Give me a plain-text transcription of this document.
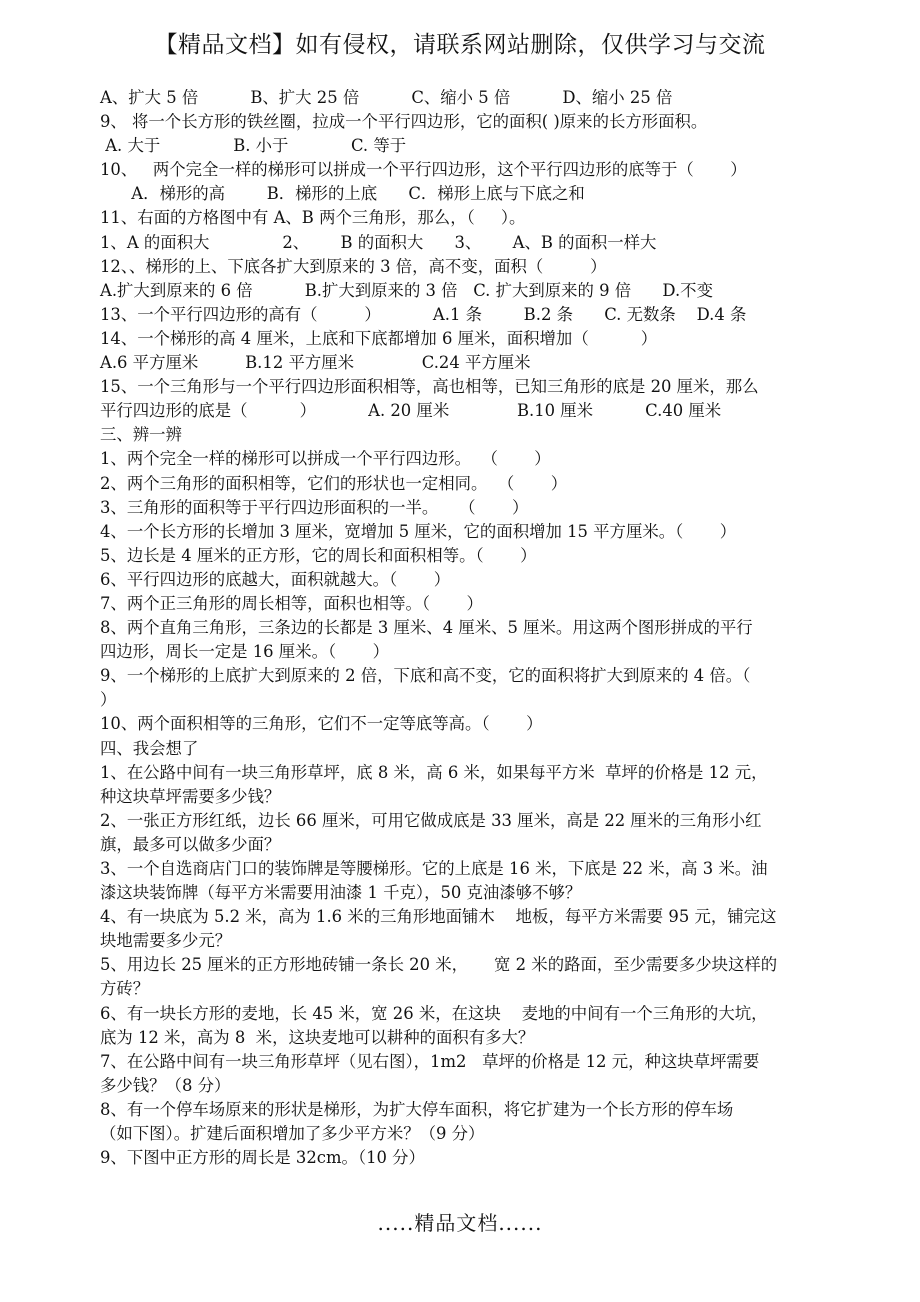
【精品文档】如有侵权，请联系网站删除，仅供学习与交流
A、扩大 5 倍          B、扩大 25 倍          C、缩小 5 倍          D、缩小 25 倍
9、 将一个长方形的铁丝圈，拉成一个平行四边形，它的面积( )原来的长方形面积。
A. 大于              B. 小于            C. 等于
10、   两个完全一样的梯形可以拼成一个平行四边形，这个平行四边形的底等于（       ）
A．梯形的高        B．梯形的上底      C．梯形上底与下底之和
11、右面的方格图中有 A、B 两个三角形，那么，（     ）。
1、A 的面积大              2、      B 的面积大      3、      A、B 的面积一样大
12、、梯形的上、下底各扩大到原来的 3 倍，高不变，面积（         ）
A.扩大到原来的 6 倍          B.扩大到原来的 3 倍   C. 扩大到原来的 9 倍      D.不变
13、一个平行四边形的高有（         ）          A.1 条        B.2 条      C. 无数条    D.4 条
14、一个梯形的高 4 厘米，上底和下底都增加 6 厘米，面积增加（          ）
A.6 平方厘米         B.12 平方厘米             C.24 平方厘米
15、一个三角形与一个平行四边形面积相等，高也相等，已知三角形的底是 20 厘米，那么
平行四边形的底是（          ）          A. 20 厘米             B.10 厘米          C.40 厘米
三、辨一辨
1、两个完全一样的梯形可以拼成一个平行四边形。  （       ）
2、两个三角形的面积相等，它们的形状也一定相同。  （       ）
3、三角形的面积等于平行四边形面积的一半。    （       ）
4、一个长方形的长增加 3 厘米，宽增加 5 厘米，它的面积增加 15 平方厘米。（       ）
5、边长是 4 厘米的正方形，它的周长和面积相等。（       ）
6、平行四边形的底越大，面积就越大。（       ）
7、两个正三角形的周长相等，面积也相等。（       ）
8、两个直角三角形，三条边的长都是 3 厘米、4 厘米、5 厘米。用这两个图形拼成的平行
四边形，周长一定是 16 厘米。（       ）
9、一个梯形的上底扩大到原来的 2 倍，下底和高不变，它的面积将扩大到原来的 4 倍。（
）
10、两个面积相等的三角形，它们不一定等底等高。（       ）
四、我会想了
1、在公路中间有一块三角形草坪，底 8 米，高 6 米，如果每平方米  草坪的价格是 12 元，
种这块草坪需要多少钱？
2、一张正方形红纸，边长 66 厘米，可用它做成底是 33 厘米，高是 22 厘米的三角形小红
旗，最多可以做多少面？
3、一个自选商店门口的装饰牌是等腰梯形。它的上底是 16 米，下底是 22 米，高 3 米。油
漆这块装饰牌（每平方米需要用油漆 1 千克），50 克油漆够不够？
4、有一块底为 5.2 米，高为 1.6 米的三角形地面铺木    地板，每平方米需要 95 元，铺完这
块地需要多少元？
5、用边长 25 厘米的正方形地砖铺一条长 20 米，     宽 2 米的路面，至少需要多少块这样的
方砖？
6、有一块长方形的麦地，长 45 米，宽 26 米，在这块    麦地的中间有一个三角形的大坑，
底为 12 米，高为 8  米，这块麦地可以耕种的面积有多大？
7、在公路中间有一块三角形草坪（见右图），1m2   草坪的价格是 12 元，种这块草坪需要
多少钱？（8 分）
8、有一个停车场原来的形状是梯形，为扩大停车面积，将它扩建为一个长方形的停车场
（如下图）。扩建后面积增加了多少平方米？（9 分）
9、下图中正方形的周长是 32cm。（10 分）
.....精品文档......
